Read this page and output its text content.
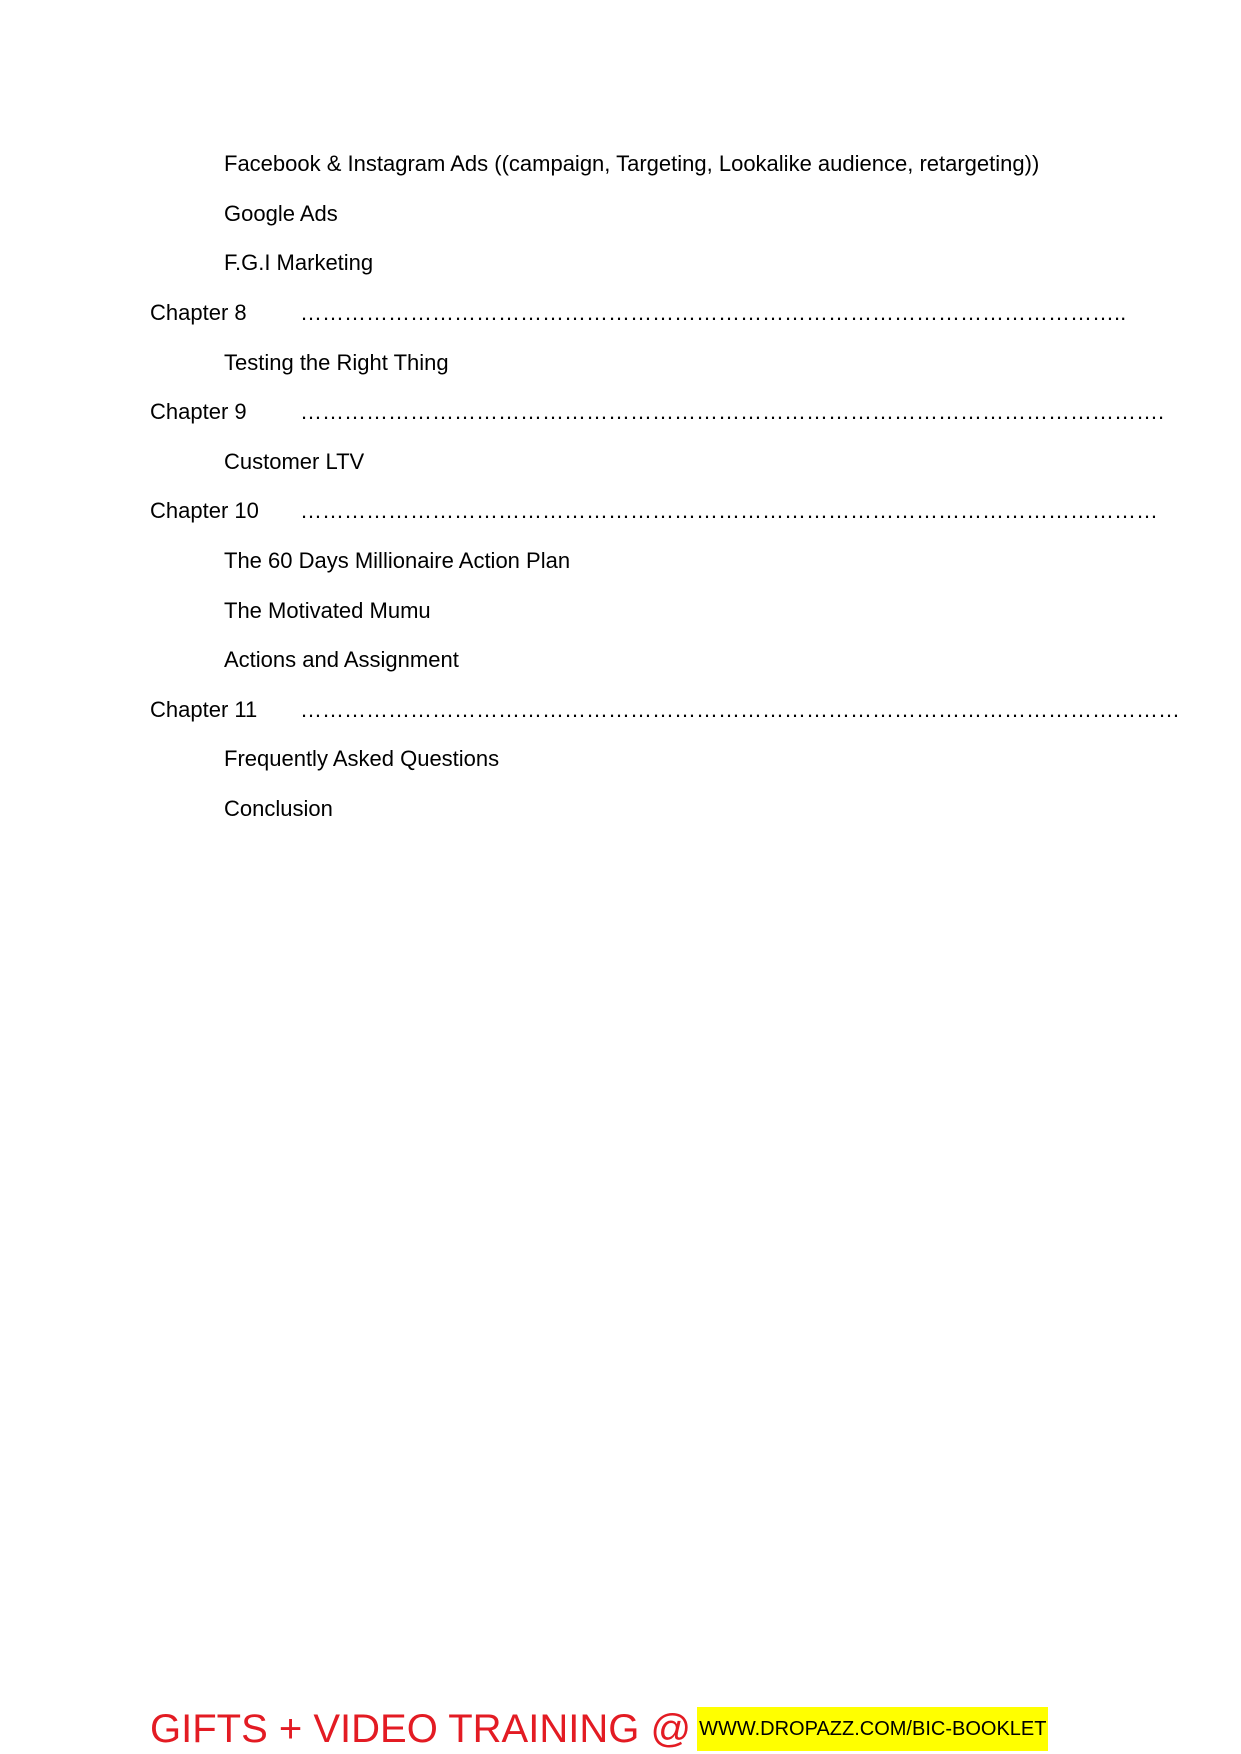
Facebook & Instagram Ads ((campaign, Targeting, Lookalike audience, retargeting))
Google Ads
F.G.I Marketing
Chapter 8 …………………………………………………………………………………………………..
Testing the Right Thing
Chapter 9 ……………………………………………………………………………………………………….
Customer LTV
Chapter 10 ………………………………………………………………………………………………………
The 60 Days Millionaire Action Plan
The Motivated Mumu
Actions and Assignment
Chapter 11 …………………………………………………………………………………………………………
Frequently Asked Questions
Conclusion
GIFTS + VIDEO TRAINING @ WWW.DROPAZZ.COM/BIC-BOOKLET
